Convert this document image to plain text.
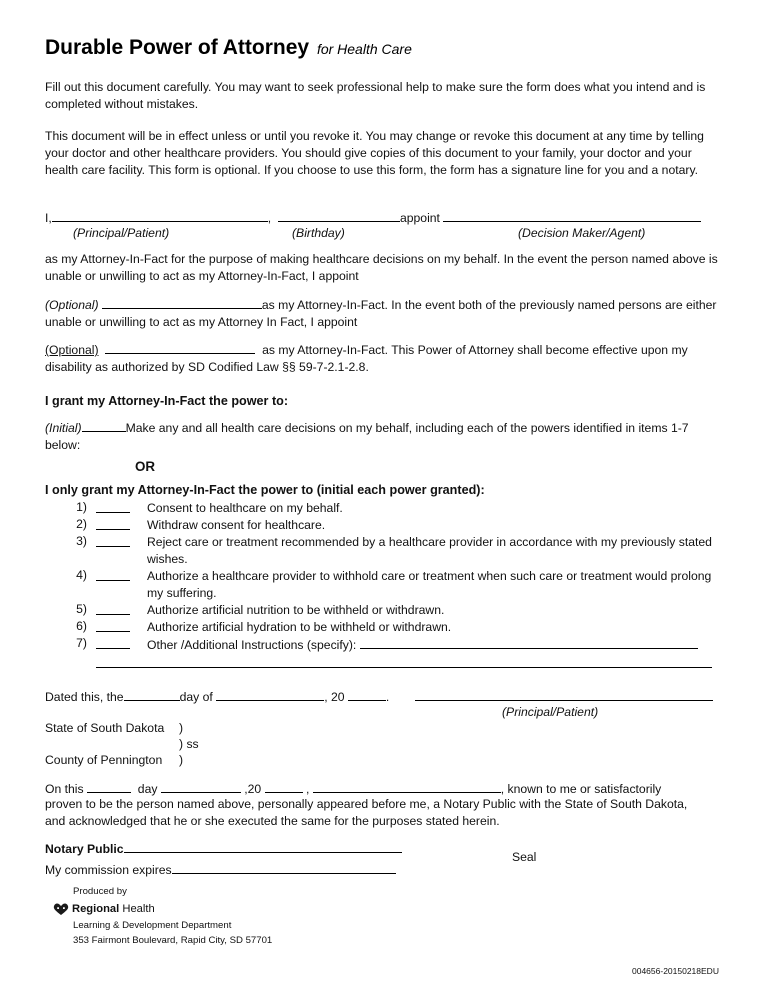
Durable Power of Attorney for Health Care
Fill out this document carefully. You may want to seek professional help to make sure the form does what you intend and is completed without mistakes.
This document will be in effect unless or until you revoke it. You may change or revoke this document at any time by telling your doctor and other healthcare providers. You should give copies of this document to your family, your doctor and your health care facility. This form is optional. If you choose to use this form, the form has a signature line for you and a notary.
I,	,	appoint
(Principal/Patient)	(Birthday)	(Decision Maker/Agent)
as my Attorney-In-Fact for the purpose of making healthcare decisions on my behalf. In the event the person named above is unable or unwilling to act as my Attorney-In-Fact, I appoint
(Optional)	as my Attorney-In-Fact. In the event both of the previously named persons are either unable or unwilling to act as my Attorney In Fact, I appoint
(Optional)	as my Attorney-In-Fact. This Power of Attorney shall become effective upon my disability as authorized by SD Codified Law §§ 59-7-2.1-2.8.
I grant my Attorney-In-Fact the power to:
(Initial)	Make any and all health care decisions on my behalf, including each of the powers identified in items 1-7 below:
OR
I only grant my Attorney-In-Fact the power to (initial each power granted):
1)	Consent to healthcare on my behalf.
2)	Withdraw consent for healthcare.
3)	Reject care or treatment recommended by a healthcare provider in accordance with my previously stated wishes.
4)	Authorize a healthcare provider to withhold care or treatment when such care or treatment would prolong my suffering.
5)	Authorize artificial nutrition to be withheld or withdrawn.
6)	Authorize artificial hydration to be withheld or withdrawn.
7)	Other /Additional Instructions (specify):
Dated this, the	day of	, 20	.
(Principal/Patient)
State of South Dakota )
) ss
County of Pennington )
On this	day	,20	,	, known to me or satisfactorily
proven to be the person named above, personally appeared before me, a Notary Public with the State of South Dakota,
and acknowledged that he or she executed the same for the purposes stated herein.
Notary Public
My commission expires
Seal
Produced by
Regional
Health
Learning & Development Department
353 Fairmont Boulevard, Rapid City, SD 57701
004656-20150218EDU
